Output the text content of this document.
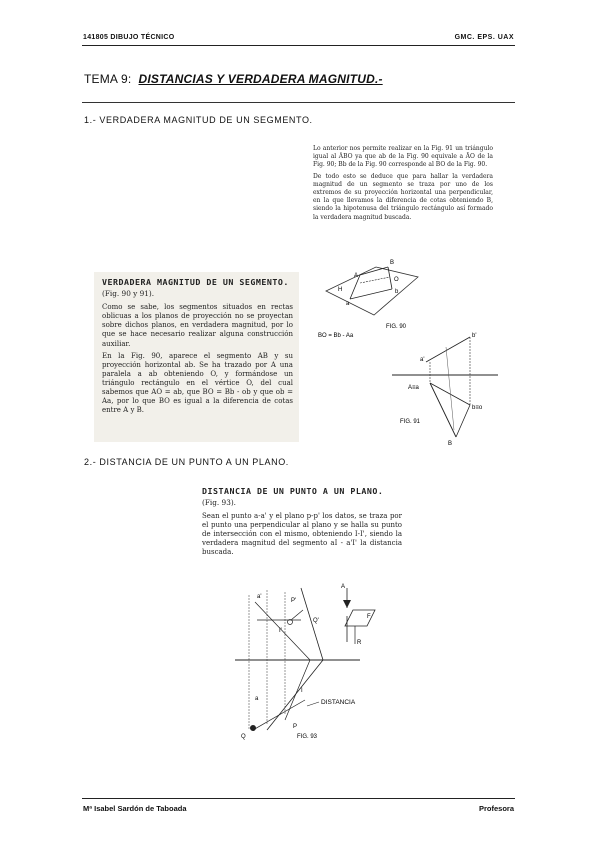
141805 DIBUJO TÉCNICO	GMC. EPS. UAX
TEMA 9: DISTANCIAS Y VERDADERA MAGNITUD.-
1.- VERDADERA MAGNITUD DE UN SEGMENTO.

Lo anterior nos permite realizar en la Fig. 91 un triángulo igual al ÂBO ya que ab de la Fig. 90 equivale a ĀO de la Fig. 90; Bb de la Fig. 90 corresponde al BO de la Fig. 90.

De todo esto se deduce que para hallar la verdadera magnitud de un segmento se traza por uno de los extremos de su proyección horizontal una perpendicular, en la que llevamos la diferencia de cotas obteniendo B, siendo la hipotenusa del triángulo rectángulo así formado la verdadera magnitud buscada.

VERDADERA MAGNITUD DE UN SEGMENTO.
(Fig. 90 y 91).

Como se sabe, los segmentos situados en rectas oblicuas a los planos de proyección no se proyectan sobre dichos planos, en verdadera magnitud, por lo que se hace necesario realizar alguna construcción auxiliar.

En la Fig. 90, aparece el segmento AB y su proyección horizontal ab. Se ha trazado por A una paralela a ab obteniendo O, y formándose un triángulo rectángulo en el vértice O, del cual sabemos que AO = ab, que BO = Bb - ob y que ob = Aa, por lo que BO es igual a la diferencia de cotas entre A y B.

A
B
a
b
O
H
FIG. 90
BO = Bb - Aa	b'
a'
B
A≡a
b≡o
FIG. 91
2.- DISTANCIA DE UN PUNTO A UN PLANO.
DISTANCIA DE UN PUNTO A UN PLANO.
(Fig. 93).

Sean el punto a-a' y el plano p-p' los datos, se traza por el punto una perpendicular al plano y se halla su punto de intersección con el mismo, obteniendo I-I', siendo la verdadera magnitud del segmento aI - a'I' la distancia buscada.

a'
P'
Q'
I'
I
a
P
Q
DISTANCIA
FIG. 93
A
F
R
Mª Isabel Sardón de Taboada	Profesora
